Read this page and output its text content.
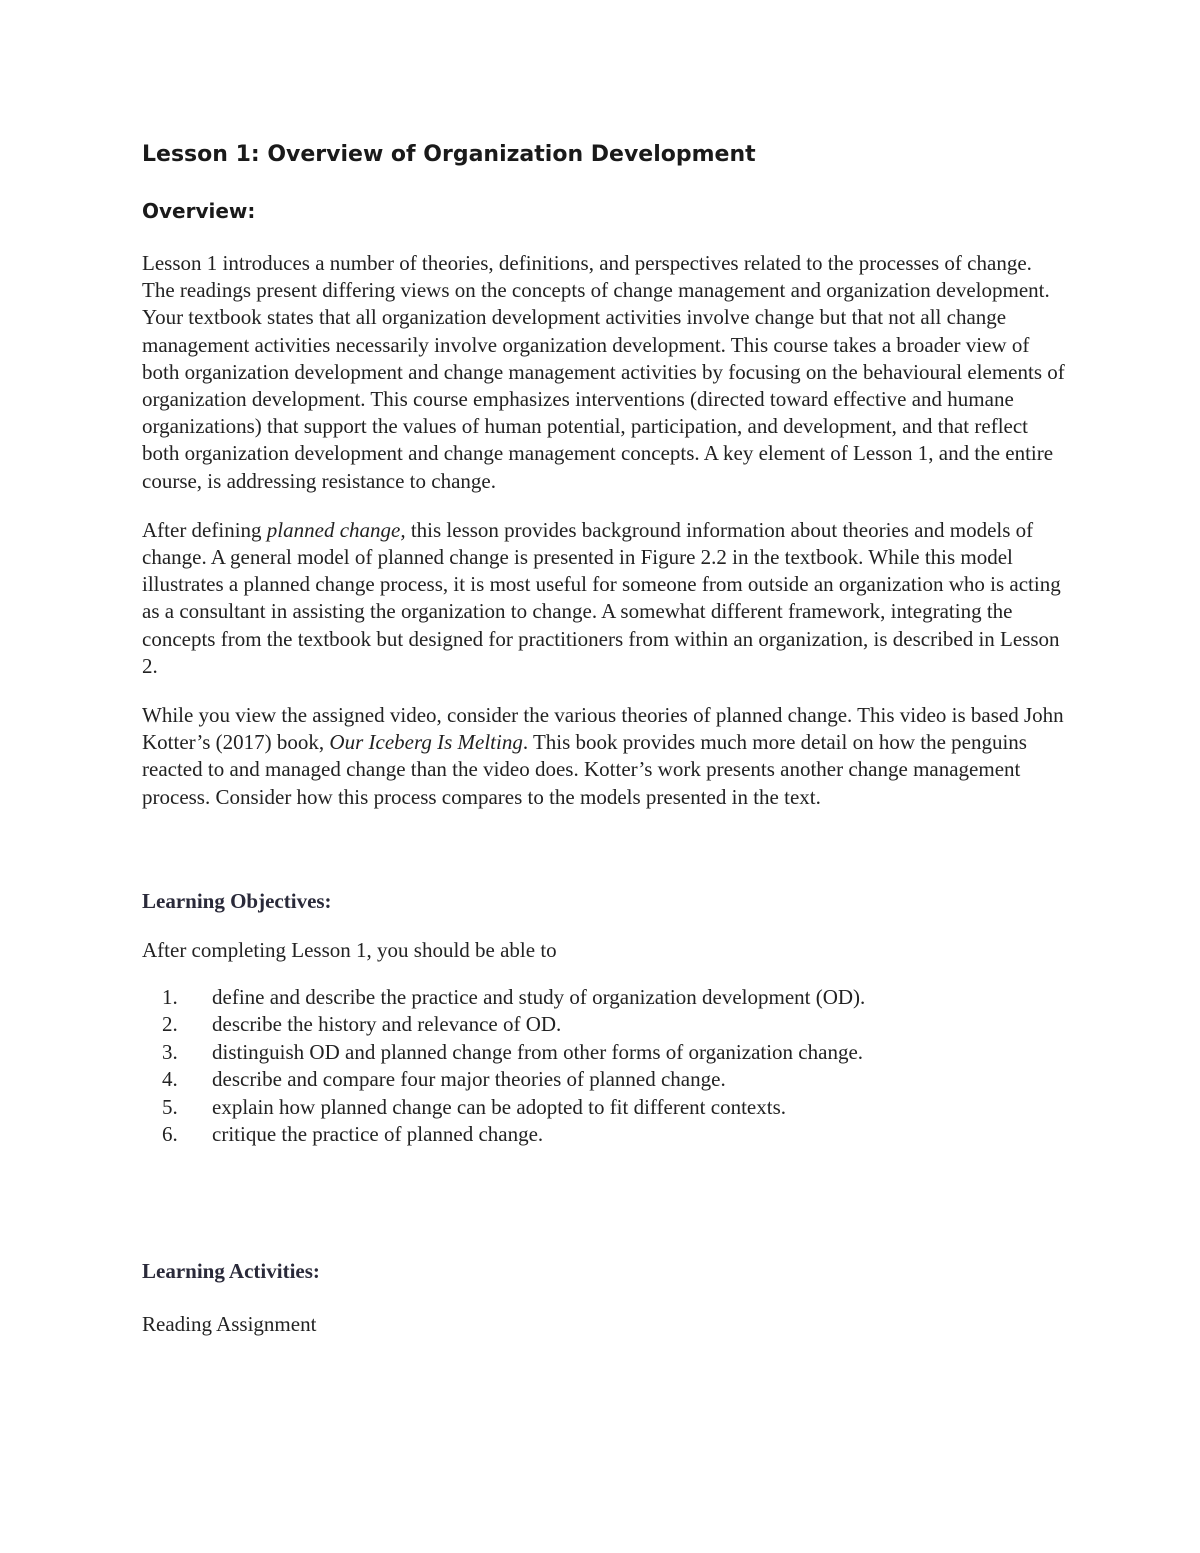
Lesson 1: Overview of Organization Development
Overview:

Lesson 1 introduces a number of theories, definitions, and perspectives related to the processes of change. The readings present differing views on the concepts of change management and organization development. Your textbook states that all organization development activities involve change but that not all change management activities necessarily involve organization development. This course takes a broader view of both organization development and change management activities by focusing on the behavioural elements of organization development. This course emphasizes interventions (directed toward effective and humane organizations) that support the values of human potential, participation, and development, and that reflect both organization development and change management concepts. A key element of Lesson 1, and the entire course, is addressing resistance to change.

After defining planned change, this lesson provides background information about theories and models of change. A general model of planned change is presented in Figure 2.2 in the textbook. While this model illustrates a planned change process, it is most useful for someone from outside an organization who is acting as a consultant in assisting the organization to change. A somewhat different framework, integrating the concepts from the textbook but designed for practitioners from within an organization, is described in Lesson 2.

While you view the assigned video, consider the various theories of planned change. This video is based John Kotter’s (2017) book, Our Iceberg Is Melting. This book provides much more detail on how the penguins reacted to and managed change than the video does. Kotter’s work presents another change management process. Consider how this process compares to the models presented in the text.

Learning Objectives:

After completing Lesson 1, you should be able to

1.	define and describe the practice and study of organization development (OD).
2.	describe the history and relevance of OD.
3.	distinguish OD and planned change from other forms of organization change.
4.	describe and compare four major theories of planned change.
5.	explain how planned change can be adopted to fit different contexts.
6.	critique the practice of planned change.
Learning Activities:

Reading Assignment
